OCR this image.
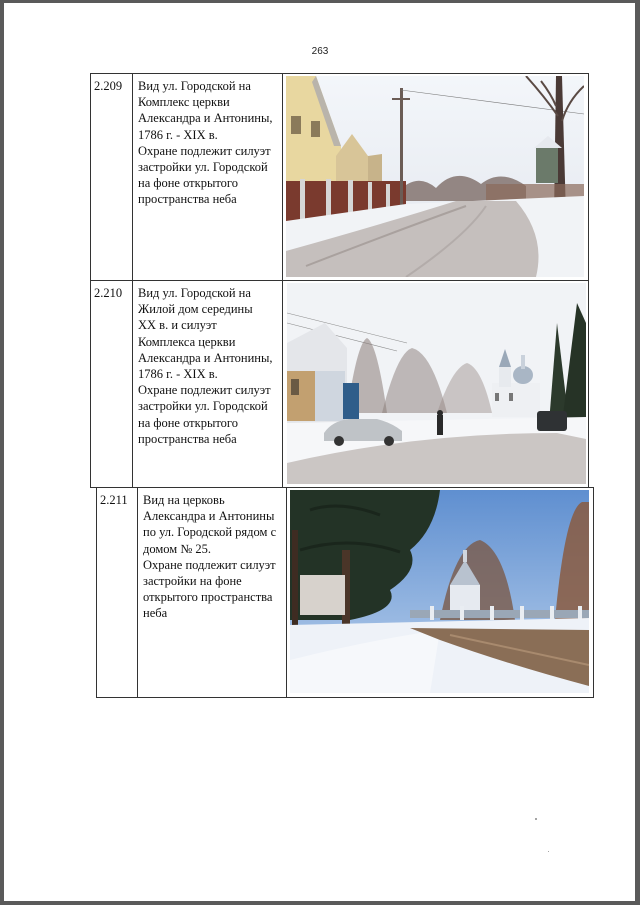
263
2.209	Вид ул. Городской на
Комплекс церкви
Александра и Антонины,
1786 г. - XIX в.
Охране подлежит силуэт
застройки ул. Городской
на фоне открытого
пространства неба
2.210	Вид ул. Городской на
Жилой дом середины
XX в. и силуэт
Комплекса церкви
Александра и Антонины,
1786 г. - XIX в.
Охране подлежит силуэт
застройки ул. Городской
на фоне открытого
пространства неба
2.211	Вид на церковь
Александра и Антонины
по ул. Городской рядом с
домом № 25.
Охране подлежит силуэт
застройки на фоне
открытого пространства
неба
